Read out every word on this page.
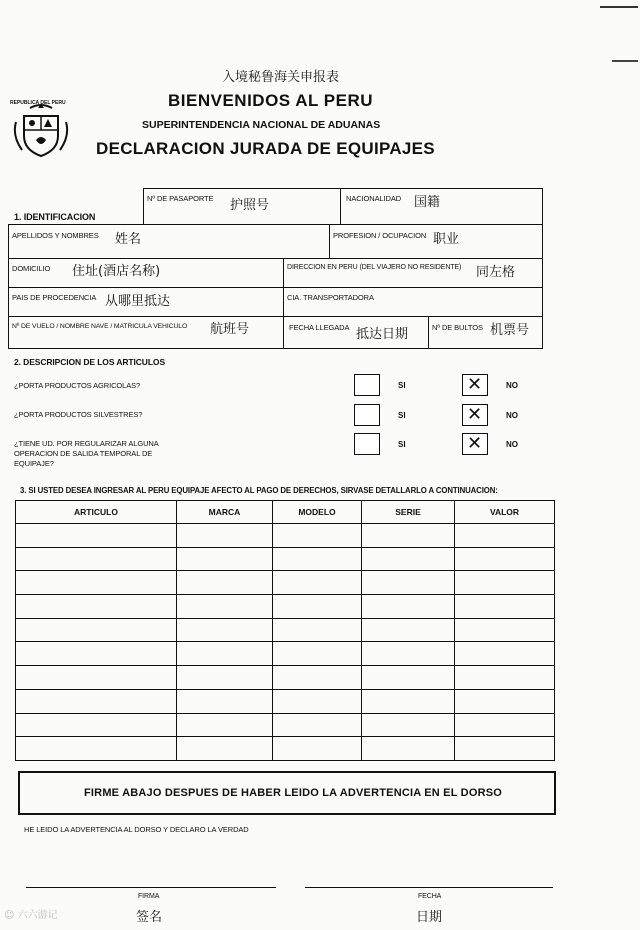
入境秘鲁海关申报表
REPUBLICA DEL PERU	BIENVENIDOS AL PERU
SUPERINTENDENCIA NACIONAL DE ADUANAS
DECLARACION JURADA DE EQUIPAJES
1. IDENTIFICACION
Nº DE PASAPORTE 护照号	NACIONALIDAD 国籍
APELLIDOS Y NOMBRES 姓名	PROFESION / OCUPACION 职业
DOMICILIO 住址(酒店名称)	DIRECCION EN PERU (DEL VIAJERO NO RESIDENTE) 同左格
PAIS DE PROCEDENCIA 从哪里抵达	CIA. TRANSPORTADORA
Nº DE VUELO / NOMBRE NAVE / MATRICULA VEHICULO 航班号	FECHA LLEGADA 抵达日期	Nº DE BULTOS 机票号
2. DESCRIPCION DE LOS ARTICULOS
¿PORTA PRODUCTOS AGRICOLAS?	SI ✕	NO
¿PORTA PRODUCTOS SILVESTRES?	SI ✕	NO
¿TIENE UD. POR REGULARIZAR ALGUNA OPERACION DE SALIDA TEMPORAL DE EQUIPAJE?
SI ✕	NO
3. SI USTED DESEA INGRESAR AL PERU EQUIPAJE AFECTO AL PAGO DE DERECHOS, SIRVASE DETALLARLO A CONTINUACION:
ARTICULO	MARCA	MODELO	SERIE	VALOR

FIRME ABAJO DESPUES DE HABER LEIDO LA ADVERTENCIA EN EL DORSO
HE LEIDO LA ADVERTENCIA AL DORSO Y DECLARO LA VERDAD
FIRMA
签名
FECHA
日期
☺ 六六游记
